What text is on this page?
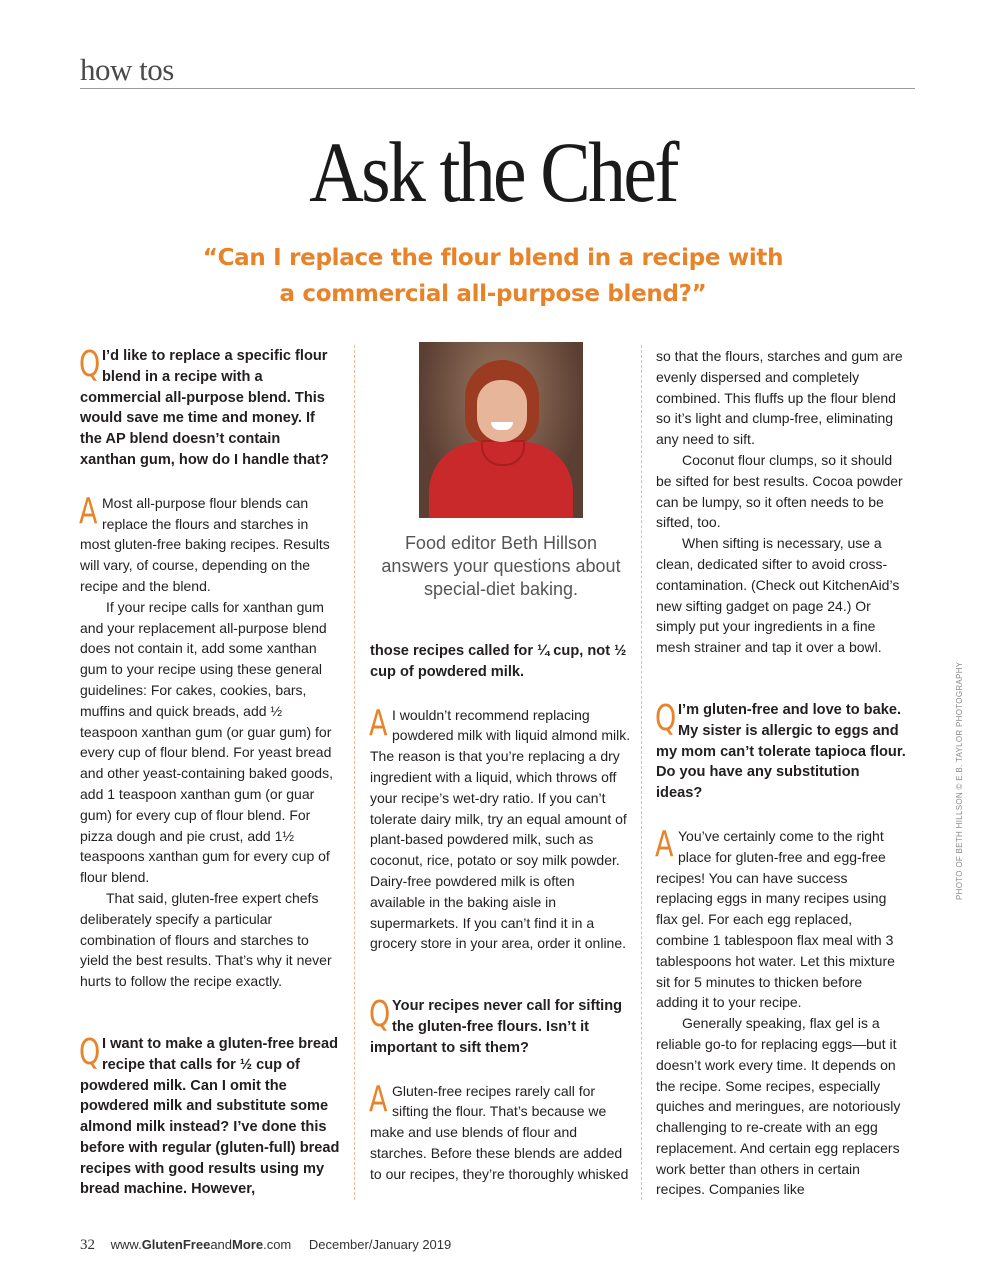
how tos
Ask the Chef
“Can I replace the flour blend in a recipe with
a commercial all-purpose blend?”

Q I’d like to replace a specific flour blend in a recipe with a commercial all-purpose blend. This would save me time and money. If the AP blend doesn’t contain xanthan gum, how do I handle that?

A Most all-purpose flour blends can replace the flours and starches in most gluten-free baking recipes. Results will vary, of course, depending on the recipe and the blend.

If your recipe calls for xanthan gum and your replacement all-purpose blend does not contain it, add some xanthan gum to your recipe using these general guidelines: For cakes, cookies, bars, muffins and quick breads, add ½ teaspoon xanthan gum (or guar gum) for every cup of flour blend. For yeast bread and other yeast-containing baked goods, add 1 teaspoon xanthan gum (or guar gum) for every cup of flour blend. For pizza dough and pie crust, add 1½ teaspoons xanthan gum for every cup of flour blend.

That said, gluten-free expert chefs deliberately specify a particular combination of flours and starches to yield the best results. That’s why it never hurts to follow the recipe exactly.

Q I want to make a gluten-free bread recipe that calls for ½ cup of powdered milk. Can I omit the powdered milk and substitute some almond milk instead? I’ve done this before with regular (gluten-full) bread recipes with good results using my bread machine. However,

Food editor Beth Hillson answers your questions about special-diet baking.

those recipes called for ¼ cup, not ½ cup of powdered milk.

A I wouldn’t recommend replacing powdered milk with liquid almond milk. The reason is that you’re replacing a dry ingredient with a liquid, which throws off your recipe’s wet-dry ratio. If you can’t tolerate dairy milk, try an equal amount of plant-based powdered milk, such as coconut, rice, potato or soy milk powder. Dairy-free powdered milk is often available in the baking aisle in supermarkets. If you can’t find it in a grocery store in your area, order it online.

Q Your recipes never call for sifting the gluten-free flours. Isn’t it important to sift them?

A Gluten-free recipes rarely call for sifting the flour. That’s because we make and use blends of flour and starches. Before these blends are added to our recipes, they’re thoroughly whisked

so that the flours, starches and gum are evenly dispersed and completely combined. This fluffs up the flour blend so it’s light and clump-free, eliminating any need to sift.

Coconut flour clumps, so it should be sifted for best results. Cocoa powder can be lumpy, so it often needs to be sifted, too.

When sifting is necessary, use a clean, dedicated sifter to avoid cross-contamination. (Check out KitchenAid’s new sifting gadget on page 24.) Or simply put your ingredients in a fine mesh strainer and tap it over a bowl.

Q I’m gluten-free and love to bake. My sister is allergic to eggs and my mom can’t tolerate tapioca flour. Do you have any substitution ideas?

A You’ve certainly come to the right place for gluten-free and egg-free recipes! You can have success replacing eggs in many recipes using flax gel. For each egg replaced, combine 1 tablespoon flax meal with 3 tablespoons hot water. Let this mixture sit for 5 minutes to thicken before adding it to your recipe.

Generally speaking, flax gel is a reliable go-to for replacing eggs—but it doesn’t work every time. It depends on the recipe. Some recipes, especially quiches and meringues, are notoriously challenging to re-create with an egg replacement. And certain egg replacers work better than others in certain recipes. Companies like

PHOTO OF BETH HILLSON © E.B. TAYLOR PHOTOGRAPHY
32 www.GlutenFreeandMore.com December/January 2019
